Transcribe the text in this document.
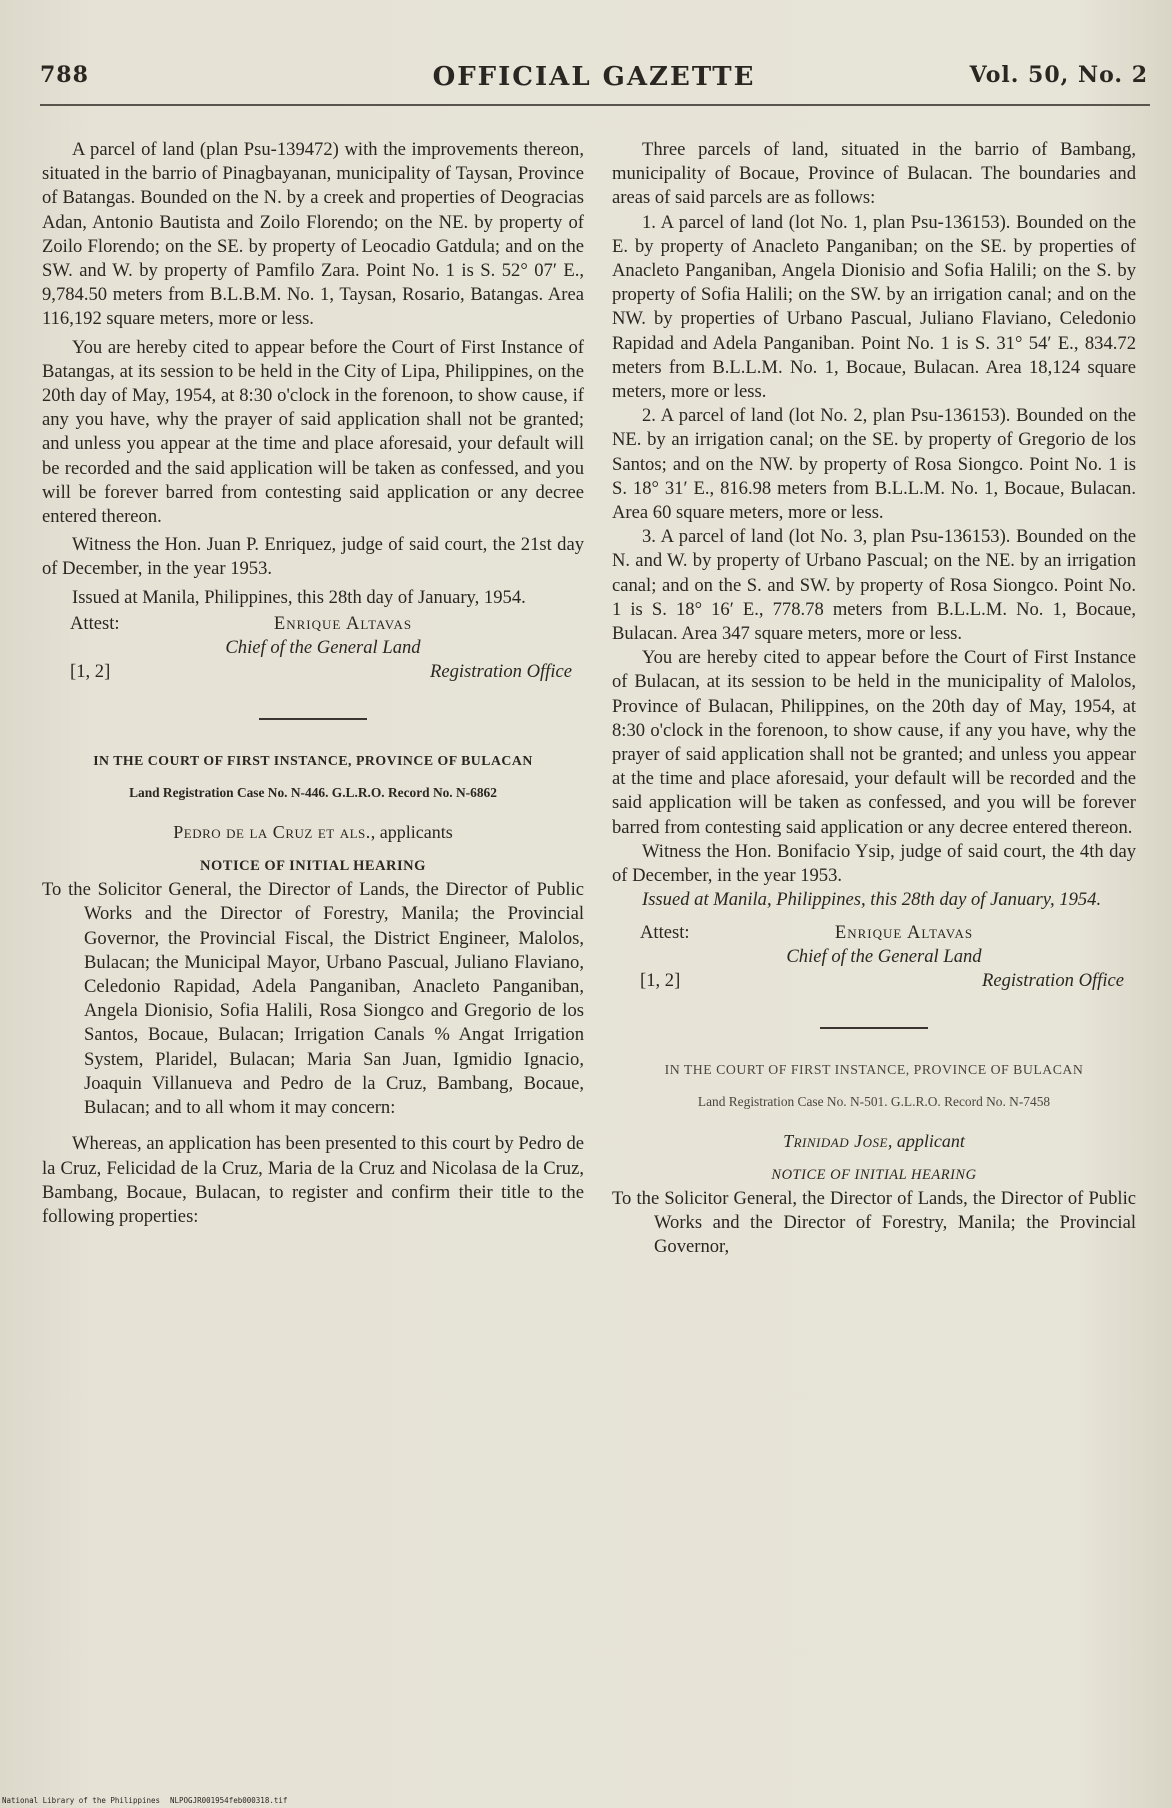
788	OFFICIAL GAZETTE	Vol. 50, No. 2

A parcel of land (plan Psu-139472) with the improvements thereon, situated in the barrio of Pinagbayanan, municipality of Taysan, Province of Batangas. Bounded on the N. by a creek and properties of Deogracias Adan, Antonio Bautista and Zoilo Florendo; on the NE. by property of Zoilo Florendo; on the SE. by property of Leocadio Gatdula; and on the SW. and W. by property of Pamfilo Zara. Point No. 1 is S. 52° 07′ E., 9,784.50 meters from B.L.B.M. No. 1, Taysan, Rosario, Batangas. Area 116,192 square meters, more or less.

You are hereby cited to appear before the Court of First Instance of Batangas, at its session to be held in the City of Lipa, Philippines, on the 20th day of May, 1954, at 8:30 o'clock in the forenoon, to show cause, if any you have, why the prayer of said application shall not be granted; and unless you appear at the time and place aforesaid, your default will be recorded and the said application will be taken as confessed, and you will be forever barred from contesting said application or any decree entered thereon.

Witness the Hon. Juan P. Enriquez, judge of said court, the 21st day of December, in the year 1953.

Issued at Manila, Philippines, this 28th day of January, 1954.

Attest:	Enrique Altavas
Chief of the General Land
[1, 2]	Registration Office
IN THE COURT OF FIRST INSTANCE, PROVINCE OF BULACAN
Land Registration Case No. N-446. G.L.R.O. Record No. N-6862
Pedro de la Cruz et als., applicants
NOTICE OF INITIAL HEARING

To the Solicitor General, the Director of Lands, the Director of Public Works and the Director of Forestry, Manila; the Provincial Governor, the Provincial Fiscal, the District Engineer, Malolos, Bulacan; the Municipal Mayor, Urbano Pascual, Juliano Flaviano, Celedonio Rapidad, Adela Panganiban, Anacleto Panganiban, Angela Dionisio, Sofia Halili, Rosa Siongco and Gregorio de los Santos, Bocaue, Bulacan; Irrigation Canals % Angat Irrigation System, Plaridel, Bulacan; Maria San Juan, Igmidio Ignacio, Joaquin Villanueva and Pedro de la Cruz, Bambang, Bocaue, Bulacan; and to all whom it may concern:

Whereas, an application has been presented to this court by Pedro de la Cruz, Felicidad de la Cruz, Maria de la Cruz and Nicolasa de la Cruz, Bambang, Bocaue, Bulacan, to register and confirm their title to the following properties:

Three parcels of land, situated in the barrio of Bambang, municipality of Bocaue, Province of Bulacan. The boundaries and areas of said parcels are as follows:

1. A parcel of land (lot No. 1, plan Psu-136153). Bounded on the E. by property of Anacleto Panganiban; on the SE. by properties of Anacleto Panganiban, Angela Dionisio and Sofia Halili; on the S. by property of Sofia Halili; on the SW. by an irrigation canal; and on the NW. by properties of Urbano Pascual, Juliano Flaviano, Celedonio Rapidad and Adela Panganiban. Point No. 1 is S. 31° 54′ E., 834.72 meters from B.L.L.M. No. 1, Bocaue, Bulacan. Area 18,124 square meters, more or less.

2. A parcel of land (lot No. 2, plan Psu-136153). Bounded on the NE. by an irrigation canal; on the SE. by property of Gregorio de los Santos; and on the NW. by property of Rosa Siongco. Point No. 1 is S. 18° 31′ E., 816.98 meters from B.L.L.M. No. 1, Bocaue, Bulacan. Area 60 square meters, more or less.

3. A parcel of land (lot No. 3, plan Psu-136153). Bounded on the N. and W. by property of Urbano Pascual; on the NE. by an irrigation canal; and on the S. and SW. by property of Rosa Siongco. Point No. 1 is S. 18° 16′ E., 778.78 meters from B.L.L.M. No. 1, Bocaue, Bulacan. Area 347 square meters, more or less.

You are hereby cited to appear before the Court of First Instance of Bulacan, at its session to be held in the municipality of Malolos, Province of Bulacan, Philippines, on the 20th day of May, 1954, at 8:30 o'clock in the forenoon, to show cause, if any you have, why the prayer of said application shall not be granted; and unless you appear at the time and place aforesaid, your default will be recorded and the said application will be taken as confessed, and you will be forever barred from contesting said application or any decree entered thereon.

Witness the Hon. Bonifacio Ysip, judge of said court, the 4th day of December, in the year 1953.

Issued at Manila, Philippines, this 28th day of January, 1954.

Attest:	Enrique Altavas
Chief of the General Land
[1, 2]	Registration Office
IN THE COURT OF FIRST INSTANCE, PROVINCE OF BULACAN
Land Registration Case No. N-501. G.L.R.O. Record No. N-7458
Trinidad Jose, applicant
NOTICE OF INITIAL HEARING

To the Solicitor General, the Director of Lands, the Director of Public Works and the Director of Forestry, Manila; the Provincial Governor,

National Library of the Philippines NLPOGJR001954feb000318.tif
